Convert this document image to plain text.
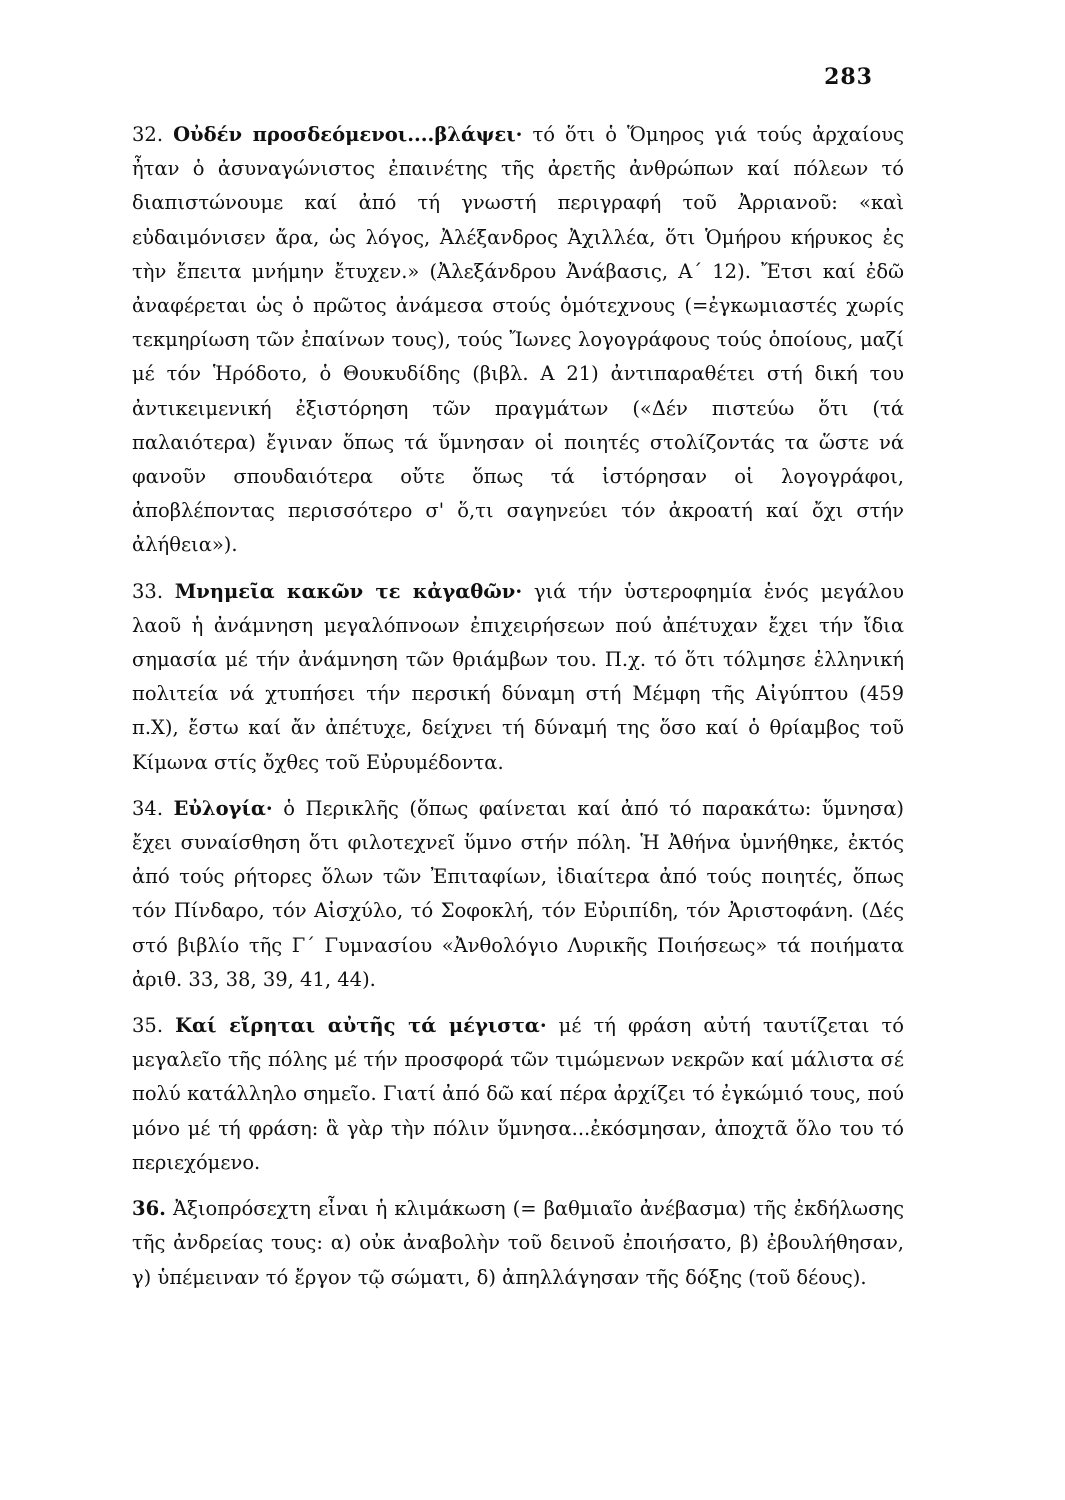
283

32. Οὐδέν προσδεόμενοι....βλάψει· τό ὅτι ὁ Ὅμηρος γιά τούς ἀρχαίους ἦταν ὁ ἀσυναγώνιστος ἐπαινέτης τῆς ἀρετῆς ἀνθρώπων καί πόλεων τό διαπιστώνουμε καί ἀπό τή γνωστή περιγραφή τοῦ Ἀρριανοῦ: «καὶ εὐδαιμόνισεν ἄρα, ὡς λόγος, Ἀλέξανδρος Ἀχιλλέα, ὅτι Ὁμήρου κήρυκος ἐς τὴν ἔπειτα μνήμην ἔτυχεν.» (Ἀλεξάνδρου Ἀνάβασις, Α΄ 12). Ἔτσι καί ἐδῶ ἀναφέρεται ὡς ὁ πρῶτος ἀνάμεσα στούς ὁμότεχνους (=ἐγκωμιαστές χωρίς τεκμηρίωση τῶν ἐπαίνων τους), τούς Ἴωνες λογογράφους τούς ὁποίους, μαζί μέ τόν Ἡρόδοτο, ὁ Θουκυδίδης (βιβλ. Α 21) ἀντιπαραθέτει στή δική του ἀντικειμενική ἐξιστόρηση τῶν πραγμάτων («Δέν πιστεύω ὅτι (τά παλαιότερα) ἔγιναν ὅπως τά ὕμνησαν οἱ ποιητές στολίζοντάς τα ὥστε νά φανοῦν σπουδαιότερα οὔτε ὅπως τά ἱστόρησαν οἱ λογογράφοι, ἀποβλέποντας περισσότερο σ' ὅ,τι σαγηνεύει τόν ἀκροατή καί ὄχι στήν ἀλήθεια»).

33. Μνημεῖα κακῶν τε κἀγαθῶν· γιά τήν ὑστεροφημία ἑνός μεγάλου λαοῦ ἡ ἀνάμνηση μεγαλόπνοων ἐπιχειρήσεων πού ἀπέτυχαν ἔχει τήν ἴδια σημασία μέ τήν ἀνάμνηση τῶν θριάμβων του. Π.χ. τό ὅτι τόλμησε ἑλληνική πολιτεία νά χτυπήσει τήν περσική δύναμη στή Μέμφη τῆς Αἰγύπτου (459 π.Χ), ἔστω καί ἄν ἀπέτυχε, δείχνει τή δύναμή της ὅσο καί ὁ θρίαμβος τοῦ Κίμωνα στίς ὄχθες τοῦ Εὐρυμέδοντα.

34. Εὐλογία· ὁ Περικλῆς (ὅπως φαίνεται καί ἀπό τό παρακάτω: ὕμνησα) ἔχει συναίσθηση ὅτι φιλοτεχνεῖ ὕμνο στήν πόλη. Ἡ Ἀθήνα ὑμνήθηκε, ἐκτός ἀπό τούς ρήτορες ὅλων τῶν Ἐπιταφίων, ἰδιαίτερα ἀπό τούς ποιητές, ὅπως τόν Πίνδαρο, τόν Αἰσχύλο, τό Σοφοκλή, τόν Εὐριπίδη, τόν Ἀριστοφάνη. (Δές στό βιβλίο τῆς Γ΄ Γυμνασίου «Ἀνθολόγιο Λυρικῆς Ποιήσεως» τά ποιήματα ἀριθ. 33, 38, 39, 41, 44).

35. Καί εἴρηται αὐτῆς τά μέγιστα· μέ τή φράση αὐτή ταυτίζεται τό μεγαλεῖο τῆς πόλης μέ τήν προσφορά τῶν τιμώμενων νεκρῶν καί μάλιστα σέ πολύ κατάλληλο σημεῖο. Γιατί ἀπό δῶ καί πέρα ἀρχίζει τό ἐγκώμιό τους, πού μόνο μέ τή φράση: ἃ γὰρ τὴν πόλιν ὕμνησα...ἐκόσμησαν, ἀποχτᾶ ὅλο του τό περιεχόμενο.

36. Ἀξιοπρόσεχτη εἶναι ἡ κλιμάκωση (= βαθμιαῖο ἀνέβασμα) τῆς ἐκδήλωσης τῆς ἀνδρείας τους: α) οὐκ ἀναβολὴν τοῦ δεινοῦ ἐποιήσατο, β) ἐβουλήθησαν, γ) ὑπέμειναν τό ἔργον τῷ σώματι, δ) ἀπηλλάγησαν τῆς δόξης (τοῦ δέους).
